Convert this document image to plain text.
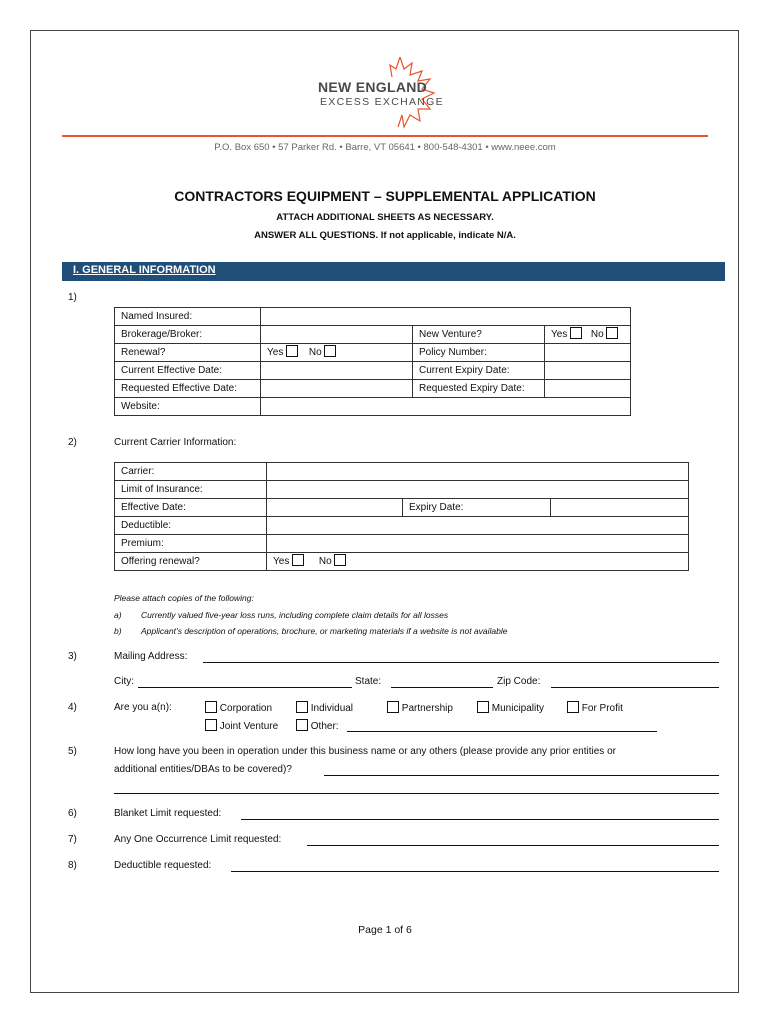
NEW ENGLAND
EXCESS EXCHANGE
P.O. Box 650 • 57 Parker Rd. • Barre, VT 05641 • 800-548-4301 • www.neee.com
CONTRACTORS EQUIPMENT – SUPPLEMENTAL APPLICATION
ATTACH ADDITIONAL SHEETS AS NECESSARY.
ANSWER ALL QUESTIONS. If not applicable, indicate N/A.
I. GENERAL INFORMATION
1)
Named Insured:			
Brokerage/Broker:		New Venture?	Yes No
Renewal?	Yes No	Policy Number:	
Current Effective Date:		Current Expiry Date:	
Requested Effective Date:		Requested Expiry Date:	
Website:			
2)	Current Carrier Information:
Carrier:			
Limit of Insurance:			
Effective Date:		Expiry Date:	
Deductible:			
Premium:			
Offering renewal?	Yes No		
Please attach copies of the following:
a) Currently valued five-year loss runs, including complete claim details for all losses
b) Applicant’s description of operations, brochure, or marketing materials if a website is not available
3)	Mailing Address:
City:	State:	Zip Code:
4)	Are you a(n):	Corporation	Individual	Partnership	Municipality	For Profit
Joint Venture	Other:
5)	How long have you been in operation under this business name or any others (please provide any prior entities or
additional entities/DBAs to be covered)?
6)	Blanket Limit requested:
7)	Any One Occurrence Limit requested:
8)	Deductible requested:
Page 1 of 6
